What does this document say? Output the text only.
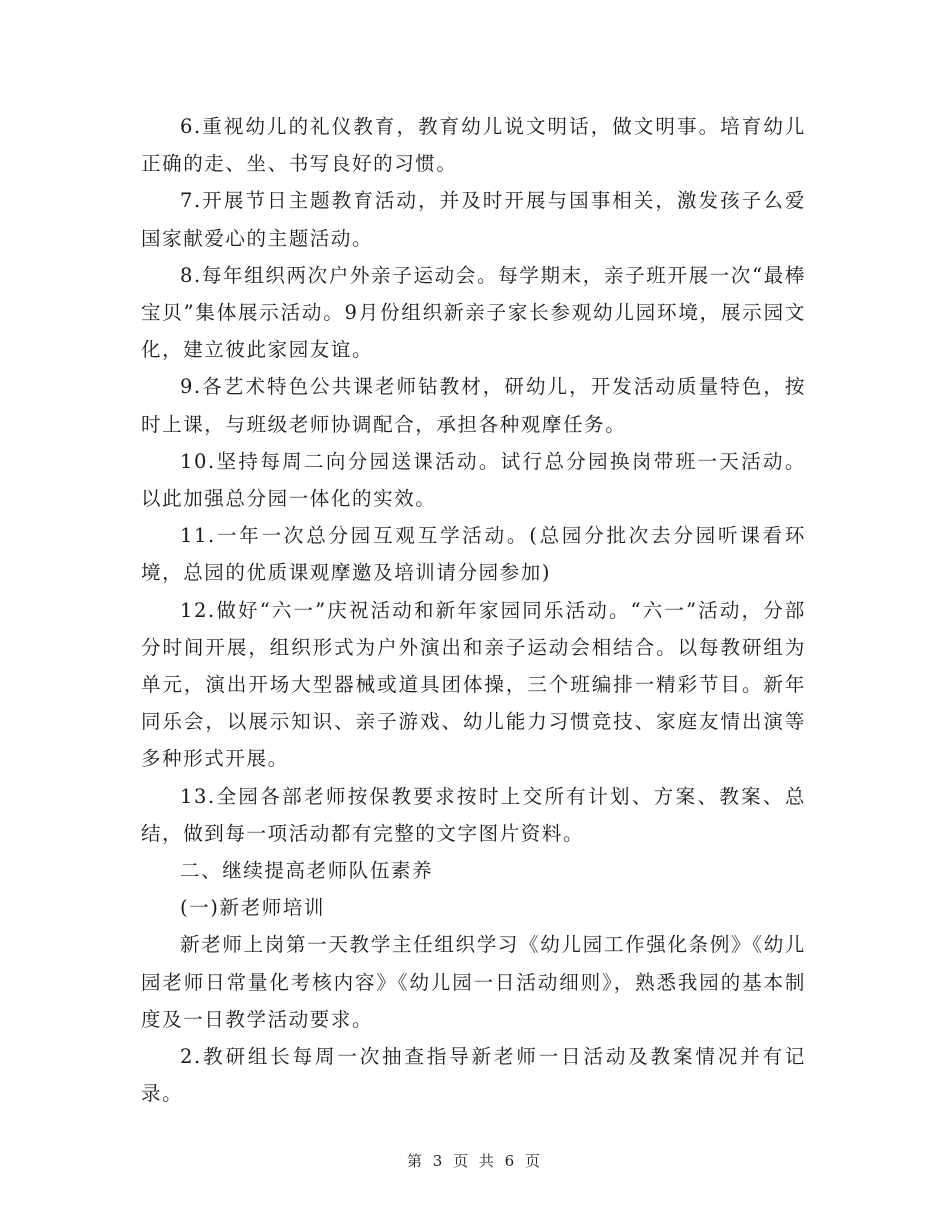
6.重视幼儿的礼仪教育，教育幼儿说文明话，做文明事。培育幼儿正确的走、坐、书写良好的习惯。

7.开展节日主题教育活动，并及时开展与国事相关，激发孩子么爱国家献爱心的主题活动。

8.每年组织两次户外亲子运动会。每学期末，亲子班开展一次“最棒宝贝”集体展示活动。9月份组织新亲子家长参观幼儿园环境，展示园文化，建立彼此家园友谊。

9.各艺术特色公共课老师钻教材，研幼儿，开发活动质量特色，按时上课，与班级老师协调配合，承担各种观摩任务。

10.坚持每周二向分园送课活动。试行总分园换岗带班一天活动。以此加强总分园一体化的实效。

11.一年一次总分园互观互学活动。(总园分批次去分园听课看环境，总园的优质课观摩邀及培训请分园参加)

12.做好“六一”庆祝活动和新年家园同乐活动。“六一”活动，分部分时间开展，组织形式为户外演出和亲子运动会相结合。以每教研组为单元，演出开场大型器械或道具团体操，三个班编排一精彩节目。新年同乐会，以展示知识、亲子游戏、幼儿能力习惯竞技、家庭友情出演等多种形式开展。

13.全园各部老师按保教要求按时上交所有计划、方案、教案、总结，做到每一项活动都有完整的文字图片资料。

二、继续提高老师队伍素养

(一)新老师培训

新老师上岗第一天教学主任组织学习《幼儿园工作强化条例》《幼儿园老师日常量化考核内容》《幼儿园一日活动细则》，熟悉我园的基本制度及一日教学活动要求。

2.教研组长每周一次抽查指导新老师一日活动及教案情况并有记录。

第 3 页 共 6 页
